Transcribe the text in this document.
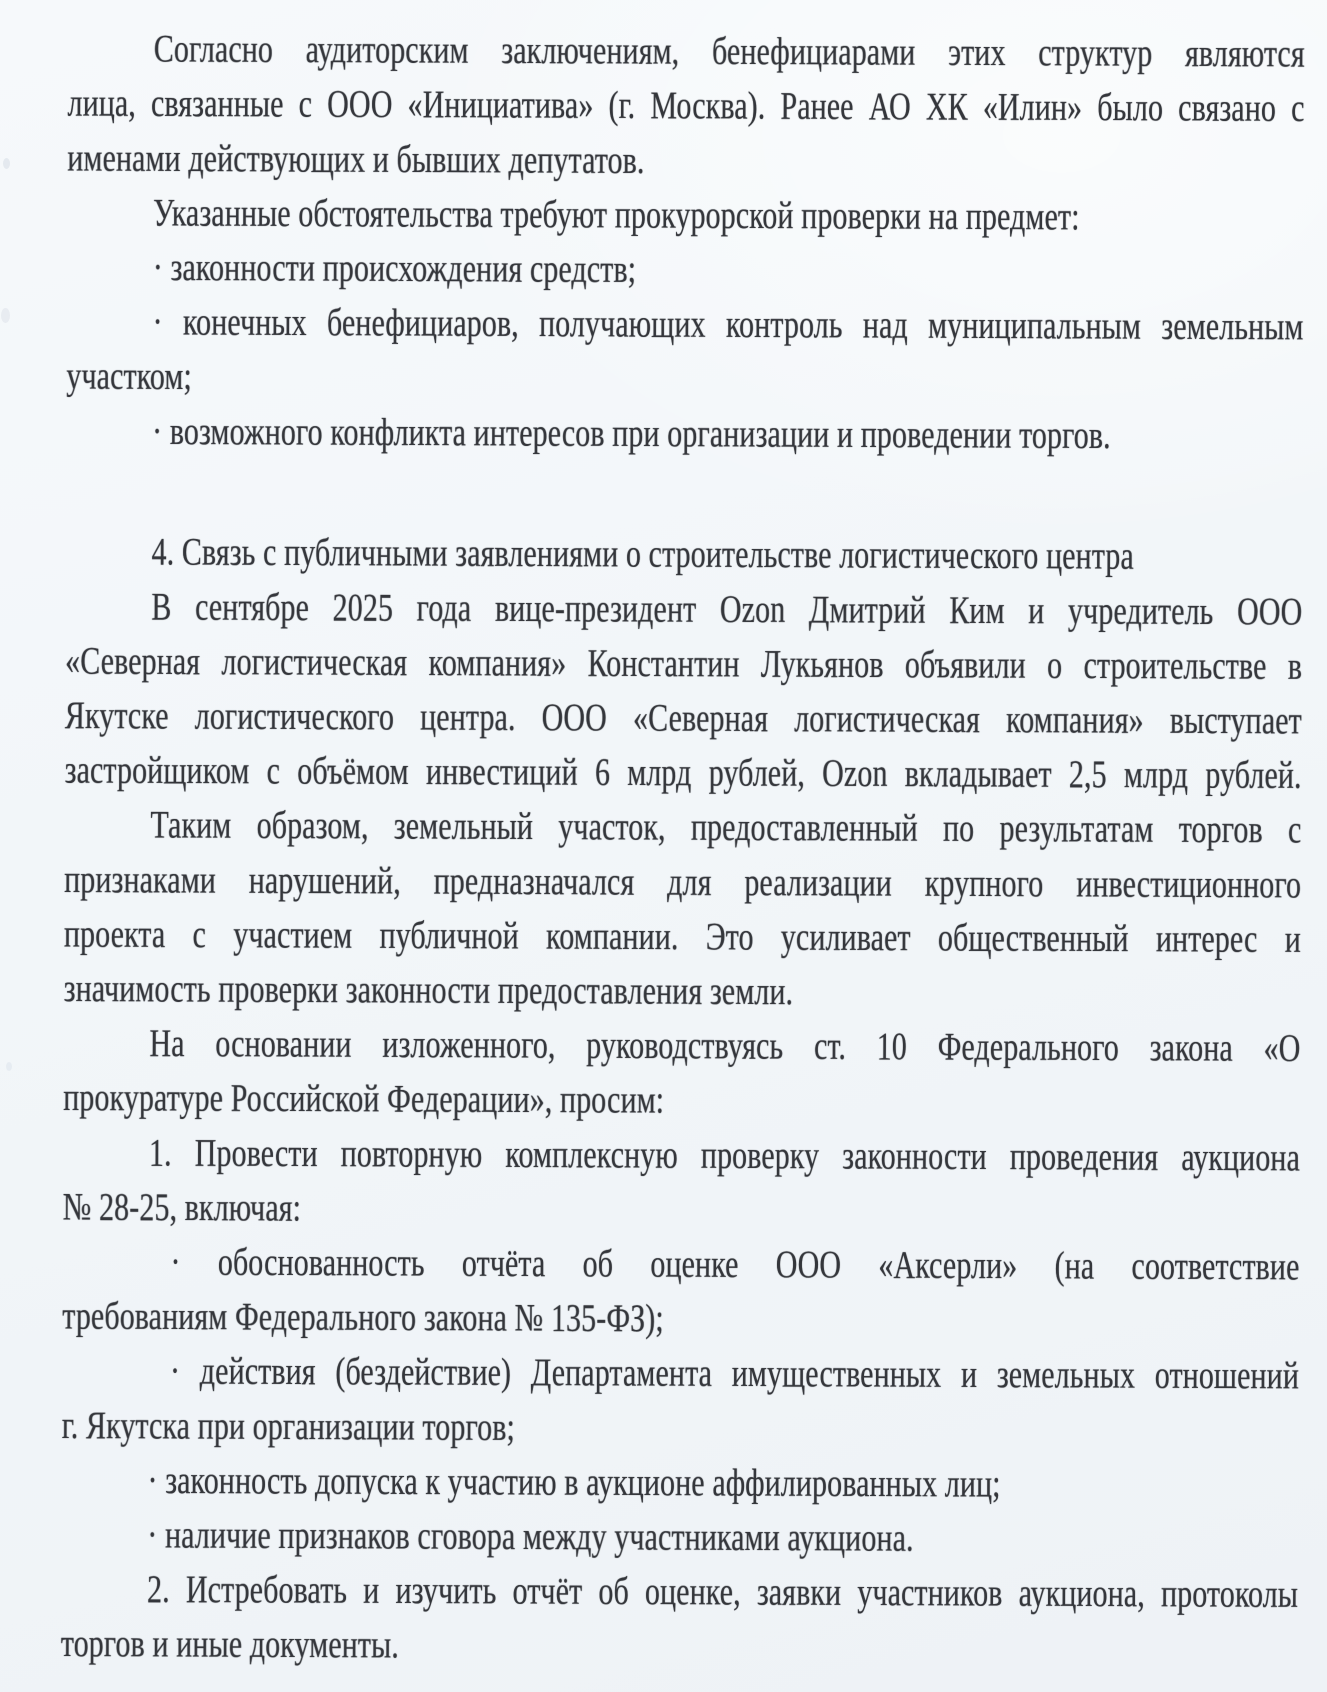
Согласно аудиторским заключениям, бенефициарами этих структур являются
лица, связанные с ООО «Инициатива» (г. Москва). Ранее АО ХК «Илин» было связано с
именами действующих и бывших депутатов.
Указанные обстоятельства требуют прокурорской проверки на предмет:
· законности происхождения средств;
· конечных бенефициаров, получающих контроль над муниципальным земельным
участком;
· возможного конфликта интересов при организации и проведении торгов.
4. Связь с публичными заявлениями о строительстве логистического центра
В сентябре 2025 года вице-президент Ozon Дмитрий Ким и учредитель ООО
«Северная логистическая компания» Константин Лукьянов объявили о строительстве в
Якутске логистического центра. ООО «Северная логистическая компания» выступает
застройщиком с объёмом инвестиций 6 млрд рублей, Ozon вкладывает 2,5 млрд рублей.
Таким образом, земельный участок, предоставленный по результатам торгов с
признаками нарушений, предназначался для реализации крупного инвестиционного
проекта с участием публичной компании. Это усиливает общественный интерес и
значимость проверки законности предоставления земли.
На основании изложенного, руководствуясь ст. 10 Федерального закона «О
прокуратуре Российской Федерации», просим:
1. Провести повторную комплексную проверку законности проведения аукциона
№ 28-25, включая:
· обоснованность отчёта об оценке ООО «Аксерли» (на соответствие
требованиям Федерального закона № 135-ФЗ);
· действия (бездействие) Департамента имущественных и земельных отношений
г. Якутска при организации торгов;
· законность допуска к участию в аукционе аффилированных лиц;
· наличие признаков сговора между участниками аукциона.
2. Истребовать и изучить отчёт об оценке, заявки участников аукциона, протоколы
торгов и иные документы.
